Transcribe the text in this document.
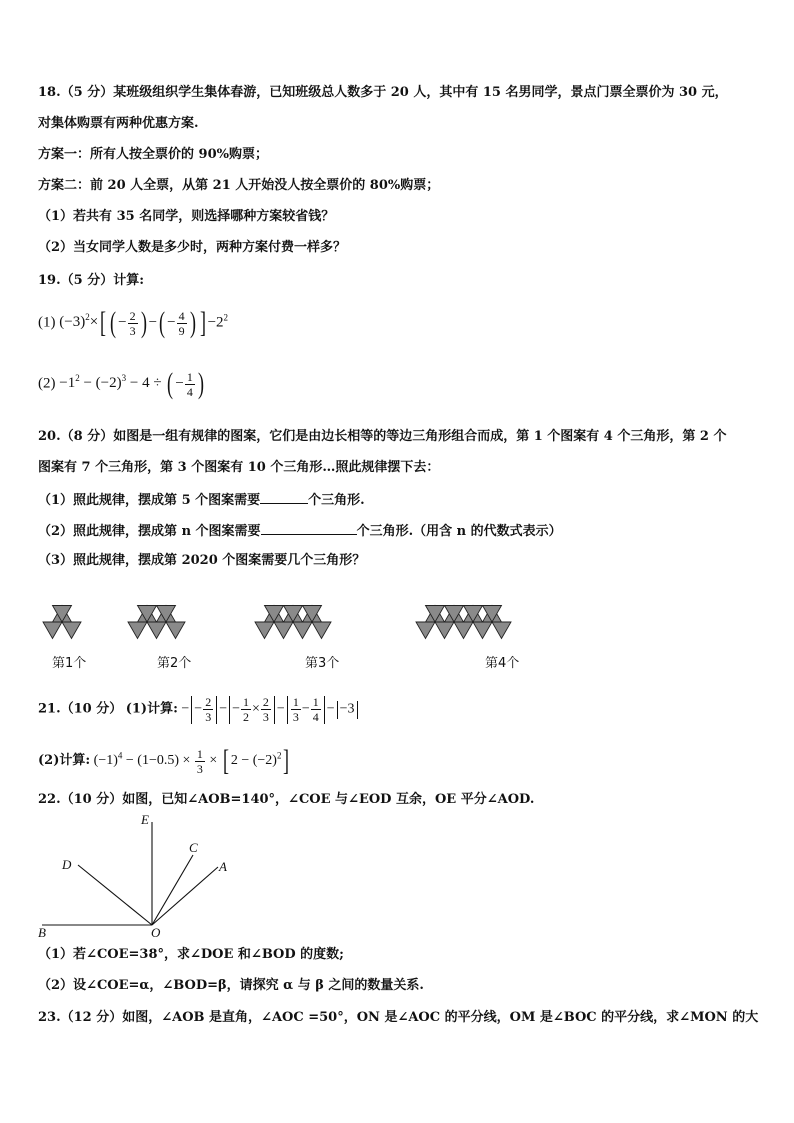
18.（5 分）某班级组织学生集体春游，已知班级总人数多于 20 人，其中有 15 名男同学，景点门票全票价为 30 元，
对集体购票有两种优惠方案.
方案一：所有人按全票价的 90%购票；
方案二：前 20 人全票，从第 21 人开始没人按全票价的 80%购票；
（1）若共有 35 名同学，则选择哪种方案较省钱？
（2）当女同学人数是多少时，两种方案付费一样多？
19.（5 分）计算:
(1) $(-3)^2\times$[ ( − $\frac{2}{3}$ ) −( − $\frac{4}{9}$ ) ] $-2^2$
$(2) -1^2 - (-2)^3 - 4$ ÷ ( − $\frac{1}{4}$ )
20.（8 分）如图是一组有规律的图案，它们是由边长相等的等边三角形组合而成，第 1 个图案有 4 个三角形，第 2 个
图案有 7 个三角形，第 3 个图案有 10 个三角形…照此规律摆下去：
（1）照此规律，摆成第 5 个图案需要	个三角形.
（2）照此规律，摆成第 n 个图案需要	个三角形.（用含 n 的代数式表示）
（3）照此规律，摆成第 2020 个图案需要几个三角形？
第1个	第2个	第3个	第4个
21.（10 分） (1)计算: − − $\frac{2}{3}$ − − $\frac{1}{2} \times \frac{2}{3} - \frac{1}{3} - \frac{1}{4} - -3$
(2)计算: $(-1)^4 - (1-0.5) \times \frac{1}{3}$ × [ $2 - (-2)^2$]
22.（10 分）如图，已知∠AOB=140°，∠COE 与∠EOD 互余，OE 平分∠AOD.
E
C
D	A
B	O
（1）若∠COE=38°，求∠DOE 和∠BOD 的度数;
（2）设∠COE=α，∠BOD=β，请探究 α 与 β 之间的数量关系.
23.（12 分）如图，∠AOB 是直角，∠AOC =50°，ON 是∠AOC 的平分线，OM 是∠BOC 的平分线，求∠MON 的大
